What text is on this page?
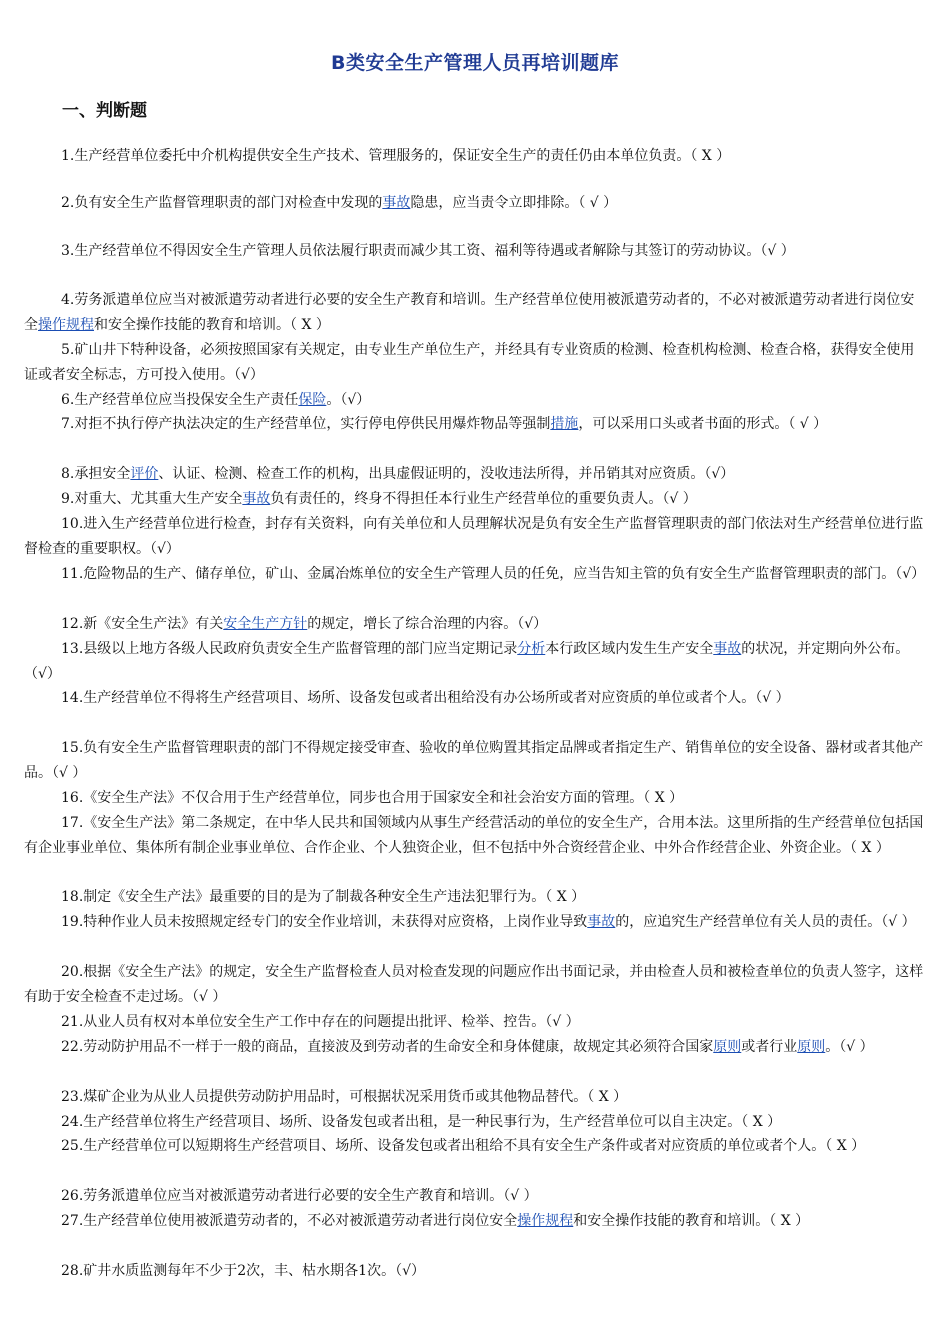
B类安全生产管理人员再培训题库
一、判断题
1.生产经营单位委托中介机构提供安全生产技术、管理服务的，保证安全生产的责任仍由本单位负责。（ X ）
2.负有安全生产监督管理职责的部门对检查中发现的事故隐患，应当责令立即排除。（ √ ）
3.生产经营单位不得因安全生产管理人员依法履行职责而减少其工资、福利等待遇或者解除与其签订的劳动协议。（√ ）
4.劳务派遣单位应当对被派遣劳动者进行必要的安全生产教育和培训。生产经营单位使用被派遣劳动者的，不必对被派遣劳动者进行岗位安全操作规程和安全操作技能的教育和培训。（ X ）
5.矿山井下特种设备，必须按照国家有关规定，由专业生产单位生产，并经具有专业资质的检测、检查机构检测、检查合格，获得安全使用证或者安全标志，方可投入使用。（√）
6.生产经营单位应当投保安全生产责任保险。（√）
7.对拒不执行停产执法决定的生产经营单位，实行停电停供民用爆炸物品等强制措施，可以采用口头或者书面的形式。（ √ ）
8.承担安全评价、认证、检测、检查工作的机构，出具虚假证明的，没收违法所得，并吊销其对应资质。（√）
9.对重大、尤其重大生产安全事故负有责任的，终身不得担任本行业生产经营单位的重要负责人。（√ ）
10.进入生产经营单位进行检查，封存有关资料，向有关单位和人员理解状况是负有安全生产监督管理职责的部门依法对生产经营单位进行监督检查的重要职权。（√）
11.危险物品的生产、储存单位，矿山、金属冶炼单位的安全生产管理人员的任免，应当告知主管的负有安全生产监督管理职责的部门。（√）
12.新《安全生产法》有关安全生产方针的规定，增长了综合治理的内容。（√）
13.县级以上地方各级人民政府负责安全生产监督管理的部门应当定期记录分析本行政区域内发生生产安全事故的状况，并定期向外公布。（√）
14.生产经营单位不得将生产经营项目、场所、设备发包或者出租给没有办公场所或者对应资质的单位或者个人。（√ ）
15.负有安全生产监督管理职责的部门不得规定接受审查、验收的单位购置其指定品牌或者指定生产、销售单位的安全设备、器材或者其他产品。（√ ）
16.《安全生产法》不仅合用于生产经营单位，同步也合用于国家安全和社会治安方面的管理。（ X ）
17.《安全生产法》第二条规定，在中华人民共和国领域内从事生产经营活动的单位的安全生产，合用本法。这里所指的生产经营单位包括国有企业事业单位、集体所有制企业事业单位、合作企业、个人独资企业，但不包括中外合资经营企业、中外合作经营企业、外资企业。（ X ）
18.制定《安全生产法》最重要的目的是为了制裁各种安全生产违法犯罪行为。（ X ）
19.特种作业人员未按照规定经专门的安全作业培训，未获得对应资格，上岗作业导致事故的，应追究生产经营单位有关人员的责任。（√ ）
20.根据《安全生产法》的规定，安全生产监督检查人员对检查发现的问题应作出书面记录，并由检查人员和被检查单位的负责人签字，这样有助于安全检查不走过场。（√ ）
21.从业人员有权对本单位安全生产工作中存在的问题提出批评、检举、控告。（√ ）
22.劳动防护用品不一样于一般的商品，直接波及到劳动者的生命安全和身体健康，故规定其必须符合国家原则或者行业原则。（√ ）
23.煤矿企业为从业人员提供劳动防护用品时，可根据状况采用货币或其他物品替代。（ X ）
24.生产经营单位将生产经营项目、场所、设备发包或者出租，是一种民事行为，生产经营单位可以自主决定。（ X ）
25.生产经营单位可以短期将生产经营项目、场所、设备发包或者出租给不具有安全生产条件或者对应资质的单位或者个人。（ X ）
26.劳务派遣单位应当对被派遣劳动者进行必要的安全生产教育和培训。（√ ）
27.生产经营单位使用被派遣劳动者的，不必对被派遣劳动者进行岗位安全操作规程和安全操作技能的教育和培训。（ X ）
28.矿井水质监测每年不少于2次，丰、枯水期各1次。（√）
